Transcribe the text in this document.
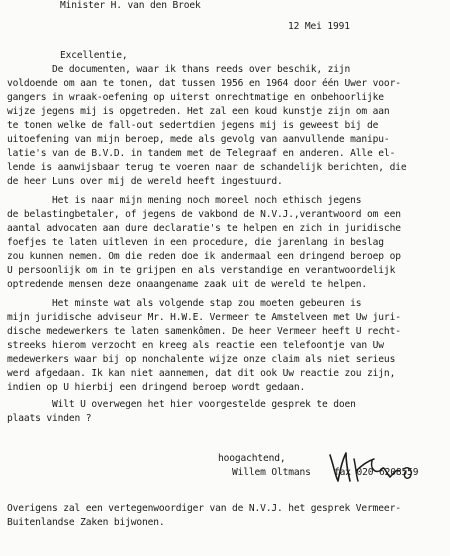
Minister H. van den Broek
12 Mei 1991
Excellentie,
De documenten, waar ik thans reeds over beschik, zijn
voldoende om aan te tonen, dat tussen 1956 en 1964 door één Uwer voor-
gangers in wraak-oefening op uiterst onrechtmatige en onbehoorlijke
wijze jegens mij is opgetreden. Het zal een koud kunstje zijn om aan
te tonen welke de fall-out sedertdien jegens mij is geweest bij de
uitoefening van mijn beroep, mede als gevolg van aanvullende manipu-
latie's van de B.V.D. in tandem met de Telegraaf en anderen. Alle el-
lende is aanwijsbaar terug te voeren naar de schandelijk berichten, die
de heer Luns over mij de wereld heeft ingestuurd.
Het is naar mijn mening noch moreel noch ethisch jegens
de belastingbetaler, of jegens de vakbond de N.V.J.,verantwoord om een
aantal advocaten aan dure declaratie's te helpen en zich in juridische
foefjes te laten uitleven in een procedure, die jarenlang in beslag
zou kunnen nemen. Om die reden doe ik andermaal een dringend beroep op
U persoonlijk om in te grijpen en als verstandige en verantwoordelijk
optredende mensen deze onaangename zaak uit de wereld te helpen.
Het minste wat als volgende stap zou moeten gebeuren is
mijn juridische adviseur Mr. H.W.E. Vermeer te Amstelveen met Uw juri-
dische medewerkers te laten samenkômen. De heer Vermeer heeft U recht-
streeks hierom verzocht en kreeg als reactie een telefoontje van Uw
medewerkers waar bij op nonchalente wijze onze claim als niet serieus
werd afgedaan. Ik kan niet aannemen, dat dit ook Uw reactie zou zijn,
indien op U hierbij een dringend beroep wordt gedaan.
Wilt U overwegen het hier voorgestelde gesprek te doen
plaats vinden ?
hoogachtend,
Willem Oltmans fax 020 6208559
Overigens zal een vertegenwoordiger van de N.V.J. het gesprek Vermeer-
Buitenlandse Zaken bijwonen.
